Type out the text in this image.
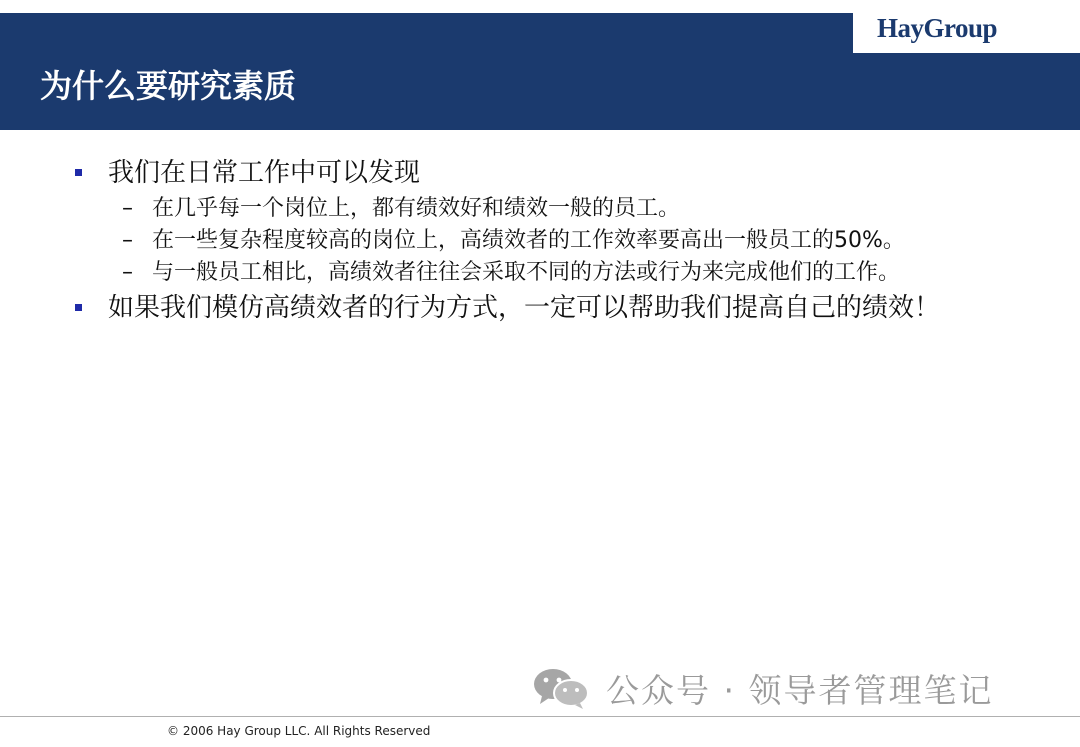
HayGroup
为什么要研究素质
我们在日常工作中可以发现
– 在几乎每一个岗位上，都有绩效好和绩效一般的员工。
– 在一些复杂程度较高的岗位上，高绩效者的工作效率要高出一般员工的50%。
– 与一般员工相比，高绩效者往往会采取不同的方法或行为来完成他们的工作。
如果我们模仿高绩效者的行为方式，一定可以帮助我们提高自己的绩效！
公众号 · 领导者管理笔记
© 2006 Hay Group LLC. All Rights Reserved
